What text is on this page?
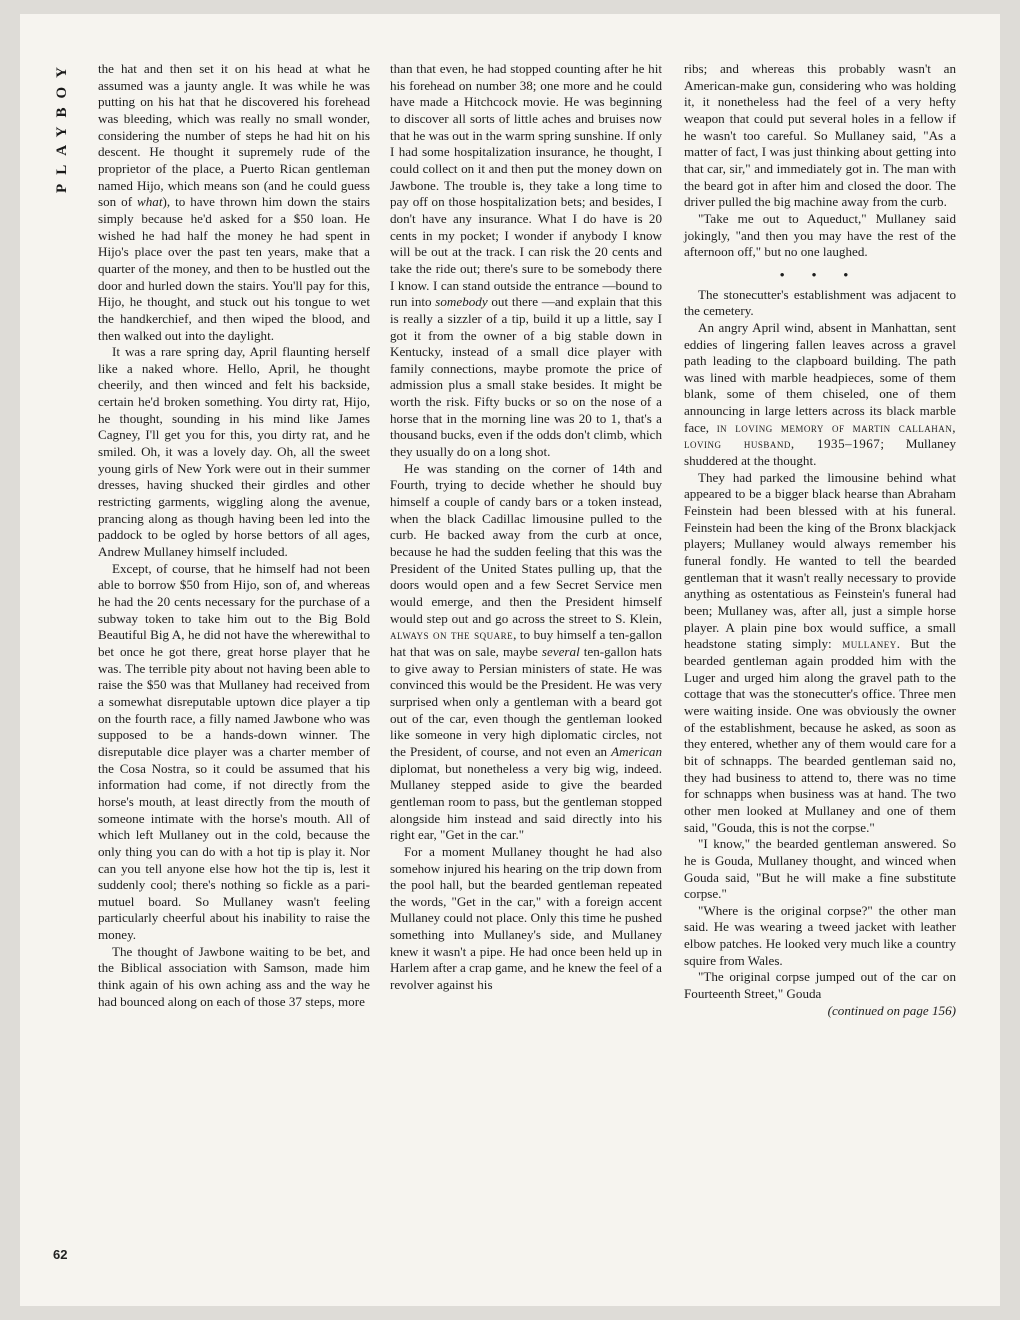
PLAYBOY
62

the hat and then set it on his head at what he assumed was a jaunty angle. It was while he was putting on his hat that he discovered his forehead was bleeding, which was really no small wonder, considering the number of steps he had hit on his descent. He thought it supremely rude of the proprietor of the place, a Puerto Rican gentleman named Hijo, which means son (and he could guess son of what), to have thrown him down the stairs simply because he'd asked for a $50 loan. He wished he had half the money he had spent in Hijo's place over the past ten years, make that a quarter of the money, and then to be hustled out the door and hurled down the stairs. You'll pay for this, Hijo, he thought, and stuck out his tongue to wet the handkerchief, and then wiped the blood, and then walked out into the daylight.

It was a rare spring day, April flaunting herself like a naked whore. Hello, April, he thought cheerily, and then winced and felt his backside, certain he'd broken something. You dirty rat, Hijo, he thought, sounding in his mind like James Cagney, I'll get you for this, you dirty rat, and he smiled. Oh, it was a lovely day. Oh, all the sweet young girls of New York were out in their summer dresses, having shucked their girdles and other restricting garments, wiggling along the avenue, prancing along as though having been led into the paddock to be ogled by horse bettors of all ages, Andrew Mullaney himself included.

Except, of course, that he himself had not been able to borrow $50 from Hijo, son of, and whereas he had the 20 cents necessary for the purchase of a subway token to take him out to the Big Bold Beautiful Big A, he did not have the wherewithal to bet once he got there, great horse player that he was. The terrible pity about not having been able to raise the $50 was that Mullaney had received from a somewhat disreputable uptown dice player a tip on the fourth race, a filly named Jawbone who was supposed to be a hands-down winner. The disreputable dice player was a charter member of the Cosa Nostra, so it could be assumed that his information had come, if not directly from the horse's mouth, at least directly from the mouth of someone intimate with the horse's mouth. All of which left Mullaney out in the cold, because the only thing you can do with a hot tip is play it. Nor can you tell anyone else how hot the tip is, lest it suddenly cool; there's nothing so fickle as a pari-mutuel board. So Mullaney wasn't feeling particularly cheerful about his inability to raise the money.

The thought of Jawbone waiting to be bet, and the Biblical association with Samson, made him think again of his own aching ass and the way he had bounced along on each of those 37 steps, more

than that even, he had stopped counting after he hit his forehead on number 38; one more and he could have made a Hitchcock movie. He was beginning to discover all sorts of little aches and bruises now that he was out in the warm spring sunshine. If only I had some hospitalization insurance, he thought, I could collect on it and then put the money down on Jawbone. The trouble is, they take a long time to pay off on those hospitalization bets; and besides, I don't have any insurance. What I do have is 20 cents in my pocket; I wonder if anybody I know will be out at the track. I can risk the 20 cents and take the ride out; there's sure to be somebody there I know. I can stand outside the entrance —bound to run into somebody out there —and explain that this is really a sizzler of a tip, build it up a little, say I got it from the owner of a big stable down in Kentucky, instead of a small dice player with family connections, maybe promote the price of admission plus a small stake besides. It might be worth the risk. Fifty bucks or so on the nose of a horse that in the morning line was 20 to 1, that's a thousand bucks, even if the odds don't climb, which they usually do on a long shot.

He was standing on the corner of 14th and Fourth, trying to decide whether he should buy himself a couple of candy bars or a token instead, when the black Cadillac limousine pulled to the curb. He backed away from the curb at once, because he had the sudden feeling that this was the President of the United States pulling up, that the doors would open and a few Secret Service men would emerge, and then the President himself would step out and go across the street to S. Klein, always on the square, to buy himself a ten-gallon hat that was on sale, maybe several ten-gallon hats to give away to Persian ministers of state. He was convinced this would be the President. He was very surprised when only a gentleman with a beard got out of the car, even though the gentleman looked like someone in very high diplomatic circles, not the President, of course, and not even an American diplomat, but nonetheless a very big wig, indeed. Mullaney stepped aside to give the bearded gentleman room to pass, but the gentleman stopped alongside him instead and said directly into his right ear, "Get in the car."

For a moment Mullaney thought he had also somehow injured his hearing on the trip down from the pool hall, but the bearded gentleman repeated the words, "Get in the car," with a foreign accent Mullaney could not place. Only this time he pushed something into Mullaney's side, and Mullaney knew it wasn't a pipe. He had once been held up in Harlem after a crap game, and he knew the feel of a revolver against his

ribs; and whereas this probably wasn't an American-make gun, considering who was holding it, it nonetheless had the feel of a very hefty weapon that could put several holes in a fellow if he wasn't too careful. So Mullaney said, "As a matter of fact, I was just thinking about getting into that car, sir," and immediately got in. The man with the beard got in after him and closed the door. The driver pulled the big machine away from the curb.

"Take me out to Aqueduct," Mullaney said jokingly, "and then you may have the rest of the afternoon off," but no one laughed.

• • •

The stonecutter's establishment was adjacent to the cemetery.

An angry April wind, absent in Manhattan, sent eddies of lingering fallen leaves across a gravel path leading to the clapboard building. The path was lined with marble headpieces, some of them blank, some of them chiseled, one of them announcing in large letters across its black marble face, in loving memory of martin callahan, loving husband, 1935–1967; Mullaney shuddered at the thought.

They had parked the limousine behind what appeared to be a bigger black hearse than Abraham Feinstein had been blessed with at his funeral. Feinstein had been the king of the Bronx blackjack players; Mullaney would always remember his funeral fondly. He wanted to tell the bearded gentleman that it wasn't really necessary to provide anything as ostentatious as Feinstein's funeral had been; Mullaney was, after all, just a simple horse player. A plain pine box would suffice, a small headstone stating simply: mullaney. But the bearded gentleman again prodded him with the Luger and urged him along the gravel path to the cottage that was the stonecutter's office. Three men were waiting inside. One was obviously the owner of the establishment, because he asked, as soon as they entered, whether any of them would care for a bit of schnapps. The bearded gentleman said no, they had business to attend to, there was no time for schnapps when business was at hand. The two other men looked at Mullaney and one of them said, "Gouda, this is not the corpse."

"I know," the bearded gentleman answered. So he is Gouda, Mullaney thought, and winced when Gouda said, "But he will make a fine substitute corpse."

"Where is the original corpse?" the other man said. He was wearing a tweed jacket with leather elbow patches. He looked very much like a country squire from Wales.

"The original corpse jumped out of the car on Fourteenth Street," Gouda

(continued on page 156)
